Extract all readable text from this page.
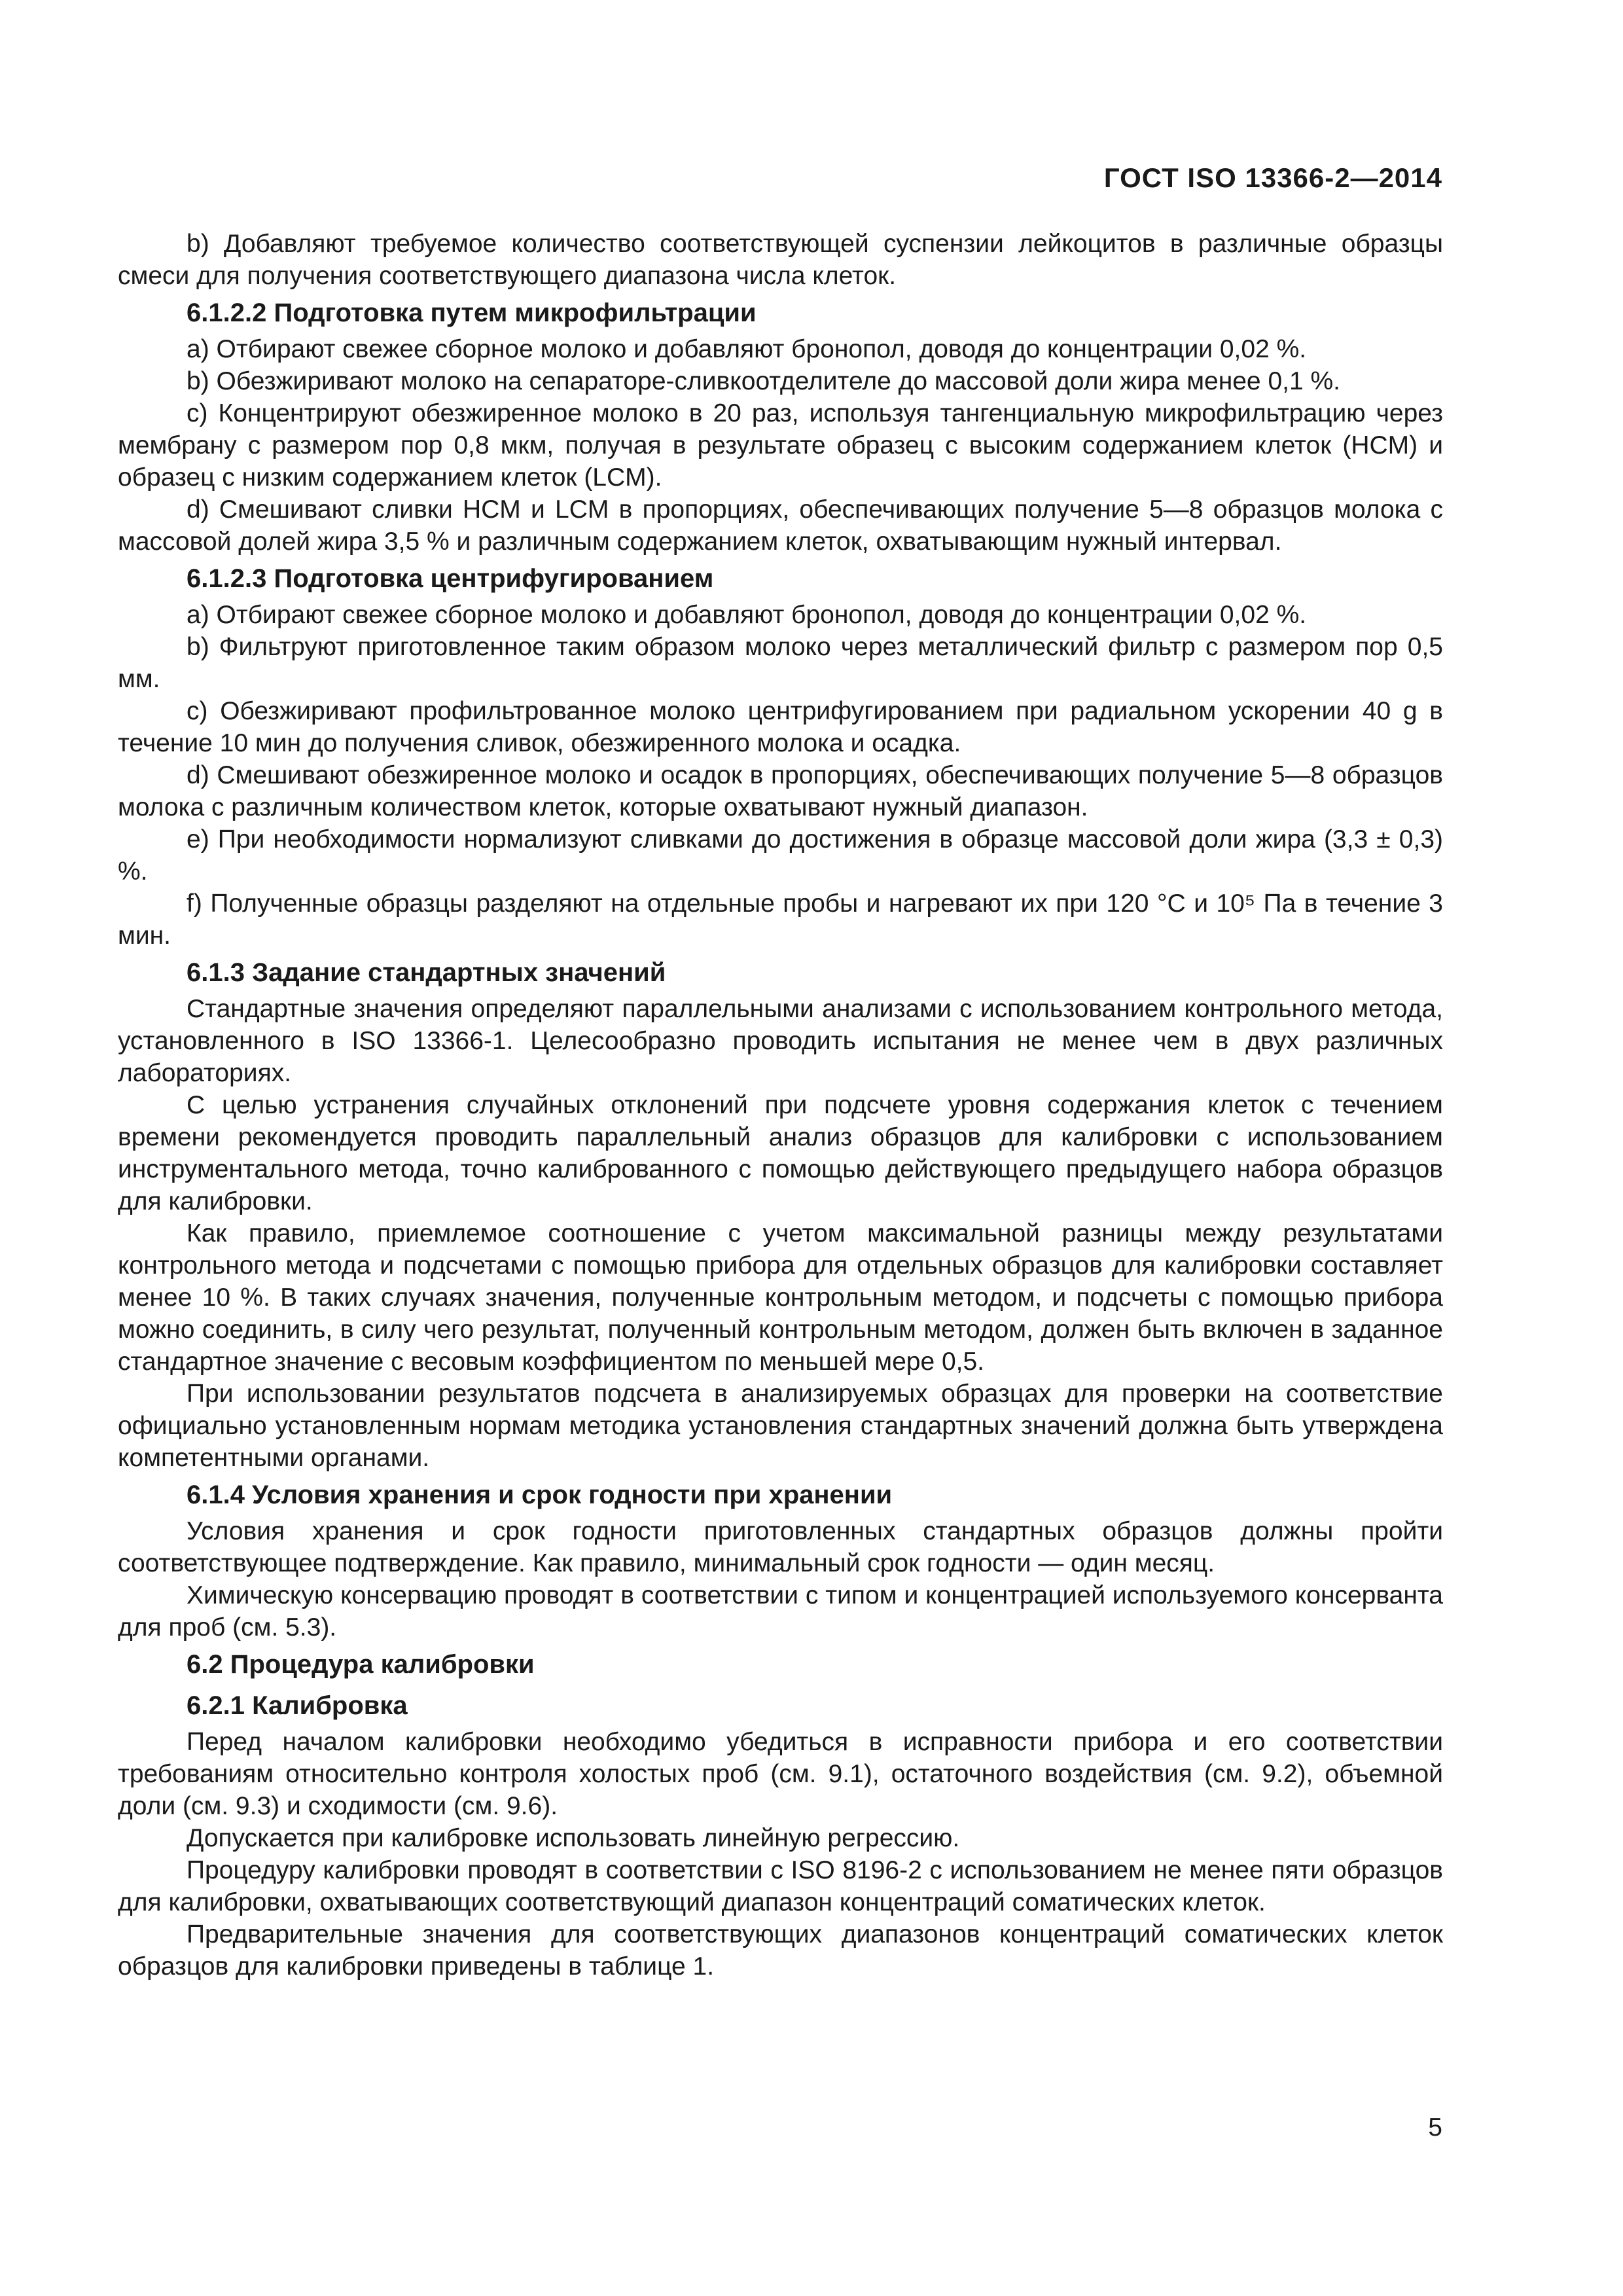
ГОСТ ISO 13366-2—2014

b) Добавляют требуемое количество соответствующей суспензии лейкоцитов в различные образцы смеси для получения соответствующего диапазона числа клеток.

6.1.2.2 Подготовка путем микрофильтрации

a) Отбирают свежее сборное молоко и добавляют бронопол, доводя до концентрации 0,02 %.

b) Обезжиривают молоко на сепараторе-сливкоотделителе до массовой доли жира менее 0,1 %.

c) Концентрируют обезжиренное молоко в 20 раз, используя тангенциальную микрофильтрацию через мембрану с размером пор 0,8 мкм, получая в результате образец с высоким содержанием клеток (HCM) и образец с низким содержанием клеток (LCM).

d) Смешивают сливки HCM и LCM в пропорциях, обеспечивающих получение 5—8 образцов молока с массовой долей жира 3,5 % и различным содержанием клеток, охватывающим нужный интервал.

6.1.2.3 Подготовка центрифугированием

a) Отбирают свежее сборное молоко и добавляют бронопол, доводя до концентрации 0,02 %.

b) Фильтруют приготовленное таким образом молоко через металлический фильтр с размером пор 0,5 мм.

c) Обезжиривают профильтрованное молоко центрифугированием при радиальном ускорении 40 g в течение 10 мин до получения сливок, обезжиренного молока и осадка.

d) Смешивают обезжиренное молоко и осадок в пропорциях, обеспечивающих получение 5—8 образцов молока с различным количеством клеток, которые охватывают нужный диапазон.

e) При необходимости нормализуют сливками до достижения в образце массовой доли жира (3,3 ± 0,3) %.

f) Полученные образцы разделяют на отдельные пробы и нагревают их при 120 °С и 10⁵ Па в течение 3 мин.

6.1.3 Задание стандартных значений

Стандартные значения определяют параллельными анализами с использованием контрольного метода, установленного в ISO 13366-1. Целесообразно проводить испытания не менее чем в двух различных лабораториях.

С целью устранения случайных отклонений при подсчете уровня содержания клеток с течением времени рекомендуется проводить параллельный анализ образцов для калибровки с использованием инструментального метода, точно калиброванного с помощью действующего предыдущего набора образцов для калибровки.

Как правило, приемлемое соотношение с учетом максимальной разницы между результатами контрольного метода и подсчетами с помощью прибора для отдельных образцов для калибровки составляет менее 10 %. В таких случаях значения, полученные контрольным методом, и подсчеты с помощью прибора можно соединить, в силу чего результат, полученный контрольным методом, должен быть включен в заданное стандартное значение с весовым коэффициентом по меньшей мере 0,5.

При использовании результатов подсчета в анализируемых образцах для проверки на соответствие официально установленным нормам методика установления стандартных значений должна быть утверждена компетентными органами.

6.1.4 Условия хранения и срок годности при хранении

Условия хранения и срок годности приготовленных стандартных образцов должны пройти соответствующее подтверждение. Как правило, минимальный срок годности — один месяц.

Химическую консервацию проводят в соответствии с типом и концентрацией используемого консерванта для проб (см. 5.3).

6.2 Процедура калибровки

6.2.1 Калибровка

Перед началом калибровки необходимо убедиться в исправности прибора и его соответствии требованиям относительно контроля холостых проб (см. 9.1), остаточного воздействия (см. 9.2), объемной доли (см. 9.3) и сходимости (см. 9.6).

Допускается при калибровке использовать линейную регрессию.

Процедуру калибровки проводят в соответствии с ISO 8196-2 с использованием не менее пяти образцов для калибровки, охватывающих соответствующий диапазон концентраций соматических клеток.

Предварительные значения для соответствующих диапазонов концентраций соматических клеток образцов для калибровки приведены в таблице 1.

5
